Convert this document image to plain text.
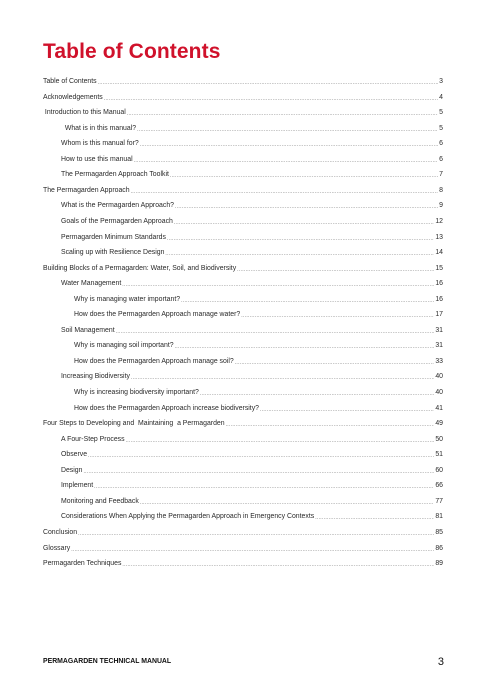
Table of Contents
Table of Contents .....	3
Acknowledgements .....	4
Introduction to this Manual .....	5
What is in this manual? .....	5
Whom is this manual for? .....	6
How to use this manual .....	6
The Permagarden Approach Toolkit .....	7
The Permagarden Approach .....	8
What is the Permagarden Approach? .....	9
Goals of the Permagarden Approach .....	12
Permagarden Minimum Standards .....	13
Scaling up with Resilience Design .....	14
Building Blocks of a Permagarden: Water, Soil, and Biodiversity .....	15
Water Management .....	16
Why is managing water important? .....	16
How does the Permagarden Approach manage water? .....	17
Soil Management .....	31
Why is managing soil important? .....	31
How does the Permagarden Approach manage soil? .....	33
Increasing Biodiversity .....	40
Why is increasing biodiversity important? .....	40
How does the Permagarden Approach increase biodiversity? .....	41
Four Steps to Developing and  Maintaining  a Permagarden .....	49
A Four-Step Process .....	50
Observe .....	51
Design .....	60
Implement .....	66
Monitoring and Feedback .....	77
Considerations When Applying the Permagarden Approach in Emergency Contexts .....	81
Conclusion .....	85
Glossary .....	86
Permagarden Techniques .....	89
PERMAGARDEN TECHNICAL MANUAL	3
